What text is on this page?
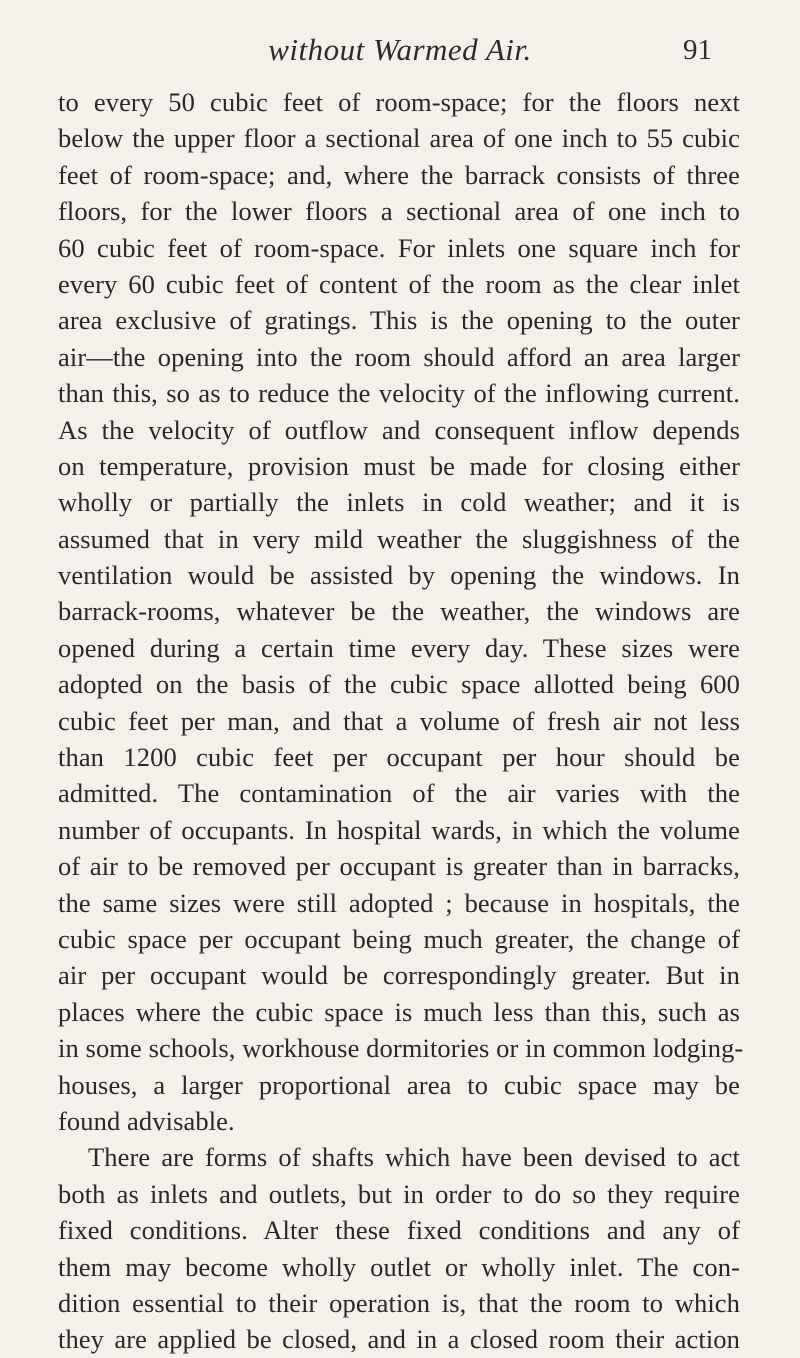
without Warmed Air.	91
to every 50 cubic feet of room-space; for the floors next
below the upper floor a sectional area of one inch to 55 cubic
feet of room-space; and, where the barrack consists of three
floors, for the lower floors a sectional area of one inch to
60 cubic feet of room-space. For inlets one square inch for
every 60 cubic feet of content of the room as the clear inlet
area exclusive of gratings. This is the opening to the outer
air—the opening into the room should afford an area larger
than this, so as to reduce the velocity of the inflowing current.
As the velocity of outflow and consequent inflow depends
on temperature, provision must be made for closing either
wholly or partially the inlets in cold weather; and it is
assumed that in very mild weather the sluggishness of the
ventilation would be assisted by opening the windows. In
barrack-rooms, whatever be the weather, the windows are
opened during a certain time every day. These sizes were
adopted on the basis of the cubic space allotted being 600
cubic feet per man, and that a volume of fresh air not less
than 1200 cubic feet per occupant per hour should be
admitted. The contamination of the air varies with the
number of occupants. In hospital wards, in which the volume
of air to be removed per occupant is greater than in barracks,
the same sizes were still adopted ; because in hospitals, the
cubic space per occupant being much greater, the change of
air per occupant would be correspondingly greater. But in
places where the cubic space is much less than this, such as
in some schools, workhouse dormitories or in common lodging-
houses, a larger proportional area to cubic space may be
found advisable.
There are forms of shafts which have been devised to act
both as inlets and outlets, but in order to do so they require
fixed conditions. Alter these fixed conditions and any of
them may become wholly outlet or wholly inlet. The con-
dition essential to their operation is, that the room to which
they are applied be closed, and in a closed room their action
